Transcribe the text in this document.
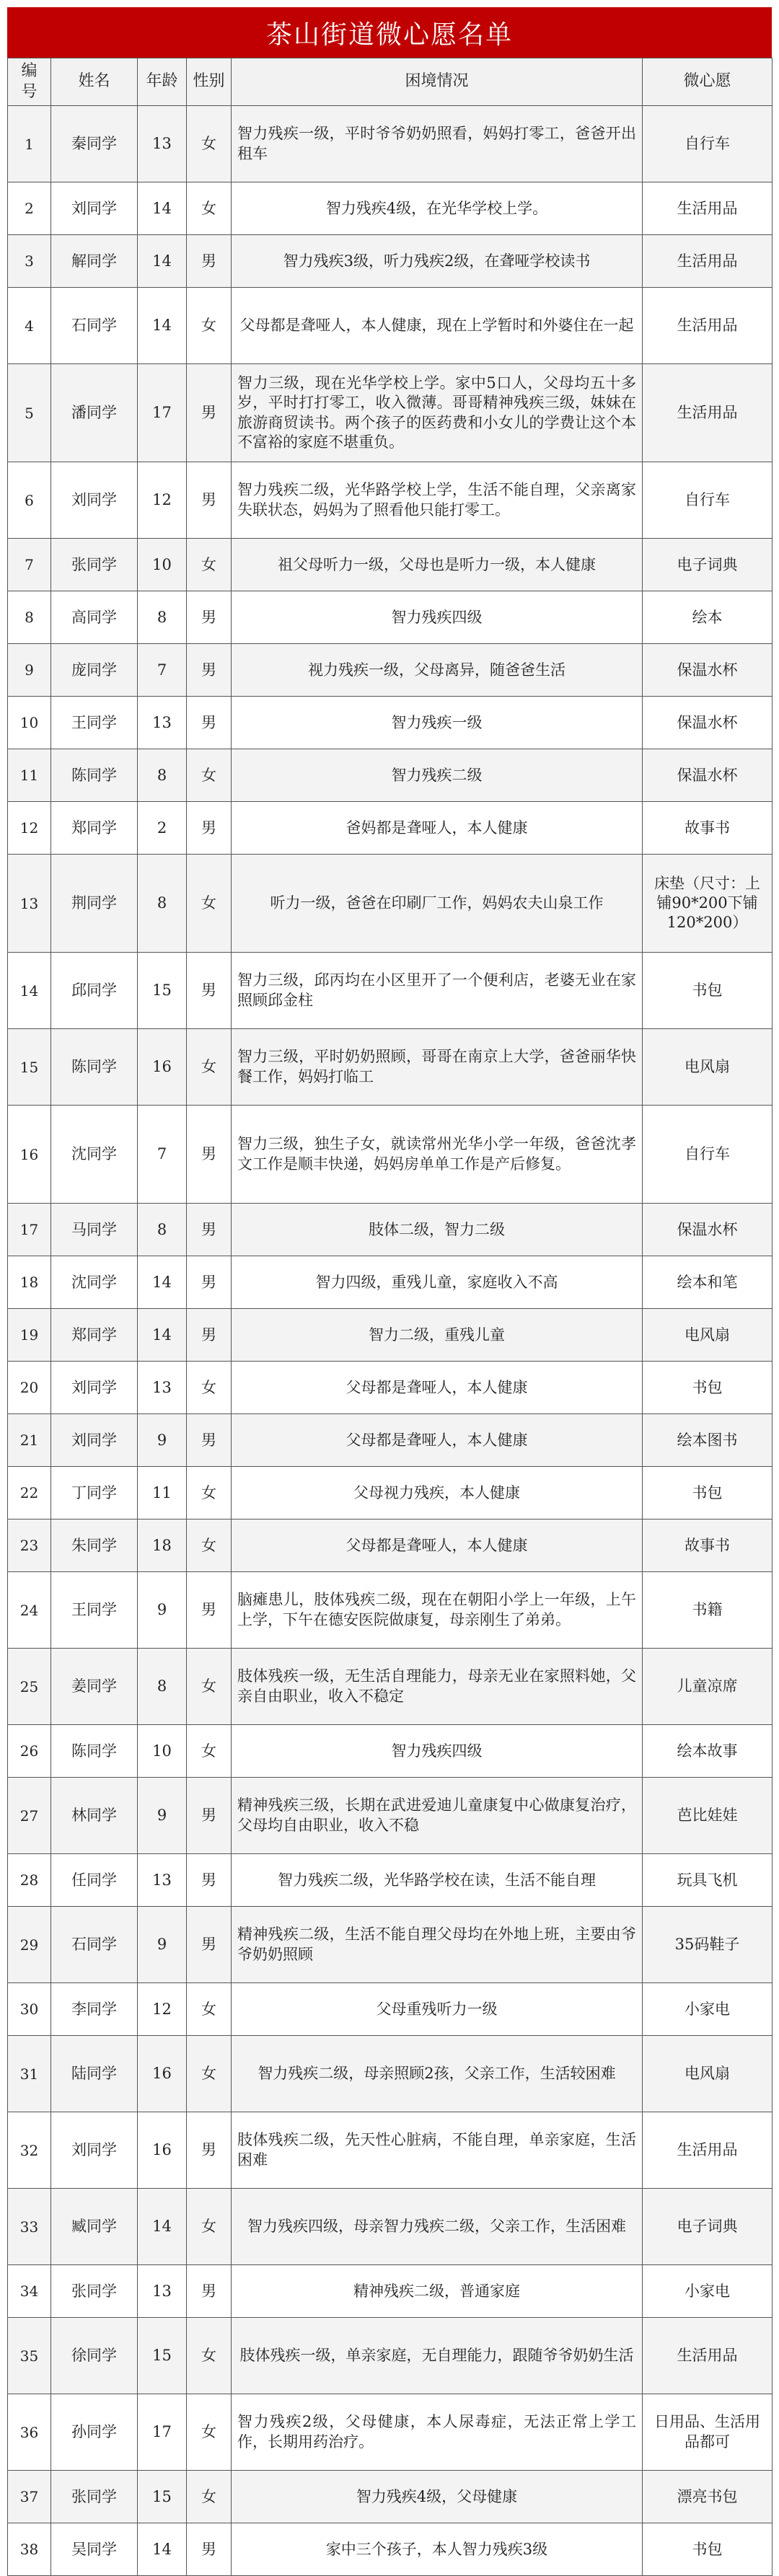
茶山街道微心愿名单
编号	姓名	年龄	性别	困境情况	微心愿
1	秦同学	13	女	智力残疾一级，平时爷爷奶奶照看，妈妈打零工，爸爸开出租车	自行车
2	刘同学	14	女	智力残疾4级，在光华学校上学。	生活用品
3	解同学	14	男	智力残疾3级，听力残疾2级，在聋哑学校读书	生活用品
4	石同学	14	女	父母都是聋哑人，本人健康，现在上学暂时和外婆住在一起	生活用品
5	潘同学	17	男	智力三级，现在光华学校上学。家中5口人，父母均五十多岁，平时打打零工，收入微薄。哥哥精神残疾三级，妹妹在旅游商贸读书。两个孩子的医药费和小女儿的学费让这个本不富裕的家庭不堪重负。	生活用品
6	刘同学	12	男	智力残疾二级，光华路学校上学，生活不能自理，父亲离家失联状态，妈妈为了照看他只能打零工。	自行车
7	张同学	10	女	祖父母听力一级，父母也是听力一级，本人健康	电子词典
8	高同学	8	男	智力残疾四级	绘本
9	庞同学	7	男	视力残疾一级，父母离异，随爸爸生活	保温水杯
10	王同学	13	男	智力残疾一级	保温水杯
11	陈同学	8	女	智力残疾二级	保温水杯
12	郑同学	2	男	爸妈都是聋哑人，本人健康	故事书
13	荆同学	8	女	听力一级，爸爸在印刷厂工作，妈妈农夫山泉工作	床垫（尺寸：上铺90*200下铺120*200）
14	邱同学	15	男	智力三级，邱丙均在小区里开了一个便利店，老婆无业在家照顾邱金柱	书包
15	陈同学	16	女	智力三级，平时奶奶照顾，哥哥在南京上大学，爸爸丽华快餐工作，妈妈打临工	电风扇
16	沈同学	7	男	智力三级，独生子女，就读常州光华小学一年级，爸爸沈孝文工作是顺丰快递，妈妈房单单工作是产后修复。	自行车
17	马同学	8	男	肢体二级，智力二级	保温水杯
18	沈同学	14	男	智力四级，重残儿童，家庭收入不高	绘本和笔
19	郑同学	14	男	智力二级，重残儿童	电风扇
20	刘同学	13	女	父母都是聋哑人，本人健康	书包
21	刘同学	9	男	父母都是聋哑人，本人健康	绘本图书
22	丁同学	11	女	父母视力残疾，本人健康	书包
23	朱同学	18	女	父母都是聋哑人，本人健康	故事书
24	王同学	9	男	脑瘫患儿，肢体残疾二级，现在在朝阳小学上一年级，上午上学，下午在德安医院做康复，母亲刚生了弟弟。	书籍
25	姜同学	8	女	肢体残疾一级，无生活自理能力，母亲无业在家照料她，父亲自由职业，收入不稳定	儿童凉席
26	陈同学	10	女	智力残疾四级	绘本故事
27	林同学	9	男	精神残疾三级，长期在武进爱迪儿童康复中心做康复治疗，父母均自由职业，收入不稳	芭比娃娃
28	任同学	13	男	智力残疾二级，光华路学校在读，生活不能自理	玩具飞机
29	石同学	9	男	精神残疾二级，生活不能自理父母均在外地上班，主要由爷爷奶奶照顾	35码鞋子
30	李同学	12	女	父母重残听力一级	小家电
31	陆同学	16	女	智力残疾二级，母亲照顾2孩，父亲工作，生活较困难	电风扇
32	刘同学	16	男	肢体残疾二级，先天性心脏病，不能自理，单亲家庭，生活困难	生活用品
33	臧同学	14	女	智力残疾四级，母亲智力残疾二级，父亲工作，生活困难	电子词典
34	张同学	13	男	精神残疾二级，普通家庭	小家电
35	徐同学	15	女	肢体残疾一级，单亲家庭，无自理能力，跟随爷爷奶奶生活	生活用品
36	孙同学	17	女	智力残疾2级，父母健康，本人尿毒症，无法正常上学工作，长期用药治疗。	日用品、生活用品都可
37	张同学	15	女	智力残疾4级，父母健康	漂亮书包
38	吴同学	14	男	家中三个孩子，本人智力残疾3级	书包
